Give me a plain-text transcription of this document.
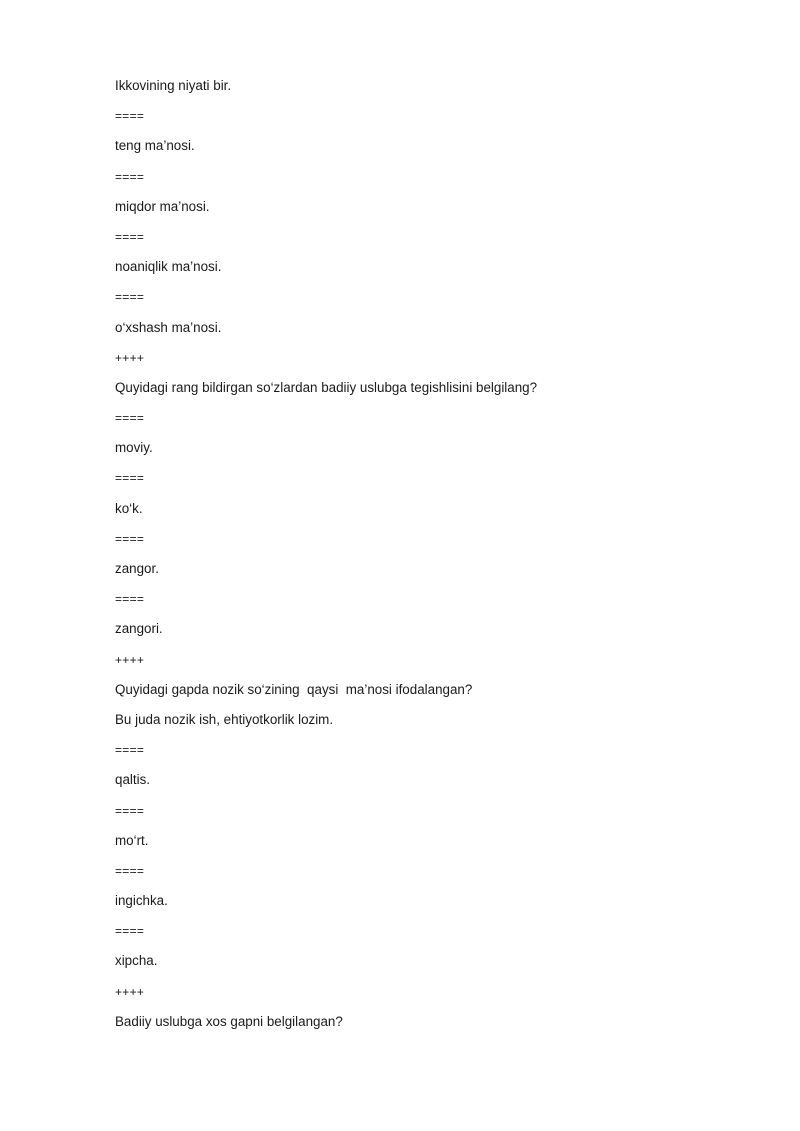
Ikkovining niyati bir.
====
teng ma’nosi.
====
miqdor ma’nosi.
====
noaniqlik ma’nosi.
====
o‘xshash ma’nosi.
++++
Quyidagi rang bildirgan so‘zlardan badiiy uslubga tegishlisini belgilang?
====
moviy.
====
ko‘k.
====
zangor.
====
zangori.
++++
Quyidagi gapda nozik so‘zining  qaysi  ma’nosi ifodalangan?
Bu juda nozik ish, ehtiyotkorlik lozim.
====
qaltis.
====
mo‘rt.
====
ingichka.
====
xipcha.
++++
Badiiy uslubga xos gapni belgilangan?
